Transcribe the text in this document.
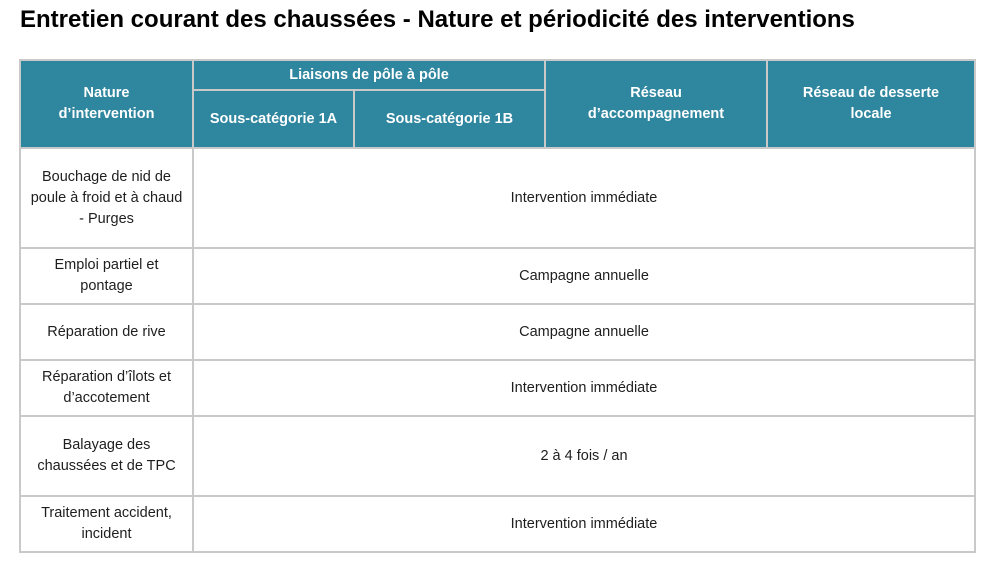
Entretien courant des chaussées - Nature et périodicité des interventions
Nature d’intervention	Liaisons de pôle à pôle		Réseau d’accompagnement	Réseau de desserte locale

	Sous-catégorie 1A	Sous-catégorie 1B		
Bouchage de nid de poule à froid et à chaud - Purges	Intervention immédiate			
Emploi partiel et pontage	Campagne annuelle			
Réparation de rive	Campagne annuelle			
Réparation d’îlots et d’accotement	Intervention immédiate			
Balayage des chaussées et de TPC	2 à 4 fois / an			
Traitement accident, incident	Intervention immédiate			
